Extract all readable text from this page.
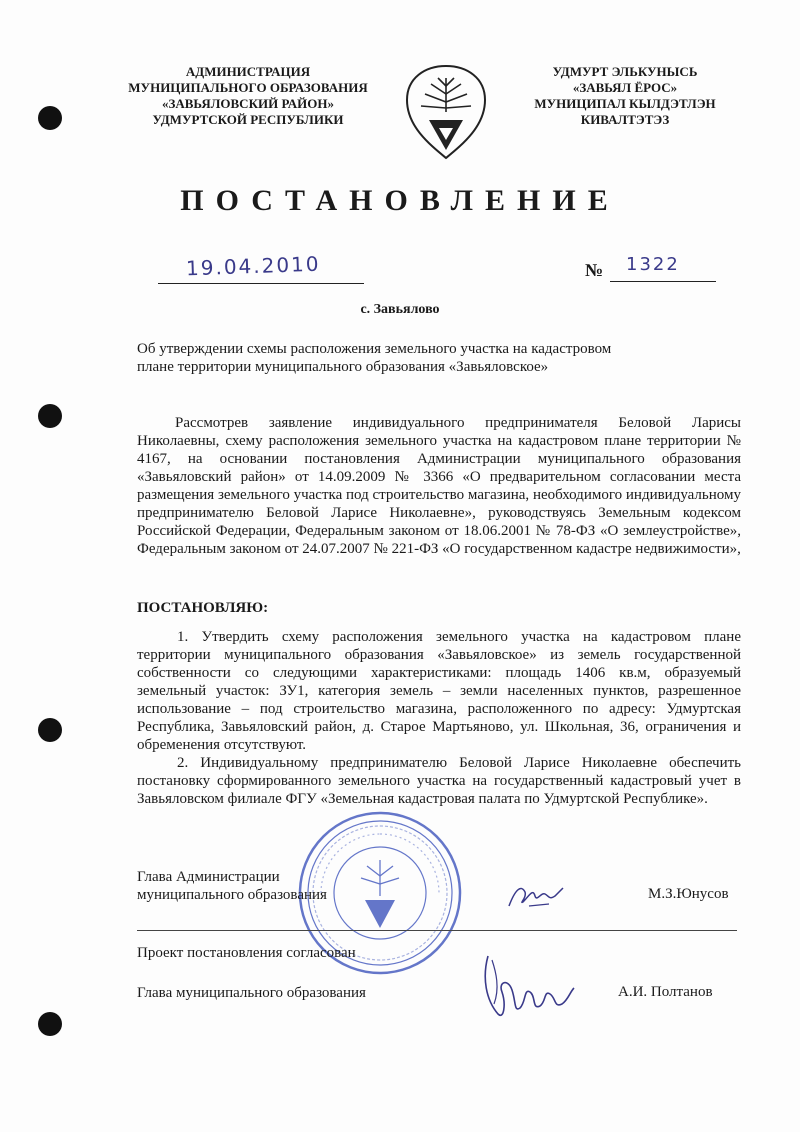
АДМИНИСТРАЦИЯ
МУНИЦИПАЛЬНОГО ОБРАЗОВАНИЯ
«ЗАВЬЯЛОВСКИЙ РАЙОН»
УДМУРТСКОЙ РЕСПУБЛИКИ
УДМУРТ ЭЛЬКУНЫСЬ
«ЗАВЬЯЛ ЁРОС»
МУНИЦИПАЛ КЫЛДЭТЛЭН
КИВАЛТЭТЭЗ
ПОСТАНОВЛЕНИЕ
19.04.2010	№ 1322
с. Завьялово
Об утверждении схемы расположения земельного участка на кадастровом
плане территории муниципального образования «Завьяловское»

Рассмотрев заявление индивидуального предпринимателя Беловой Ларисы Николаевны, схему расположения земельного участка на кадастровом плане территории № 4167, на основании постановления Администрации муниципального образования «Завьяловский район» от 14.09.2009 № 3366 «О предварительном согласовании места размещения земельного участка под строительство магазина, необходимого индивидуальному предпринимателю Беловой Ларисе Николаевне», руководствуясь Земельным кодексом Российской Федерации, Федеральным законом от 18.06.2001 № 78-ФЗ «О землеустройстве», Федеральным законом от 24.07.2007 № 221-ФЗ «О государственном кадастре недвижимости»,

ПОСТАНОВЛЯЮ:

1. Утвердить схему расположения земельного участка на кадастровом плане территории муниципального образования «Завьяловское» из земель государственной собственности со следующими характеристиками: площадь 1406 кв.м, образуемый земельный участок: ЗУ1, категория земель – земли населенных пунктов, разрешенное использование – под строительство магазина, расположенного по адресу: Удмуртская Республика, Завьяловский район, д. Старое Мартьяново, ул. Школьная, 36, ограничения и обременения отсутствуют.

2. Индивидуальному предпринимателю Беловой Ларисе Николаевне обеспечить постановку сформированного земельного участка на государственный кадастровый учет в Завьяловском филиале ФГУ «Земельная кадастровая палата по Удмуртской Республике».

Глава Администрации
муниципального образования	М.З.Юнусов
Проект постановления согласован
Глава муниципального образования	А.И. Полтанов
